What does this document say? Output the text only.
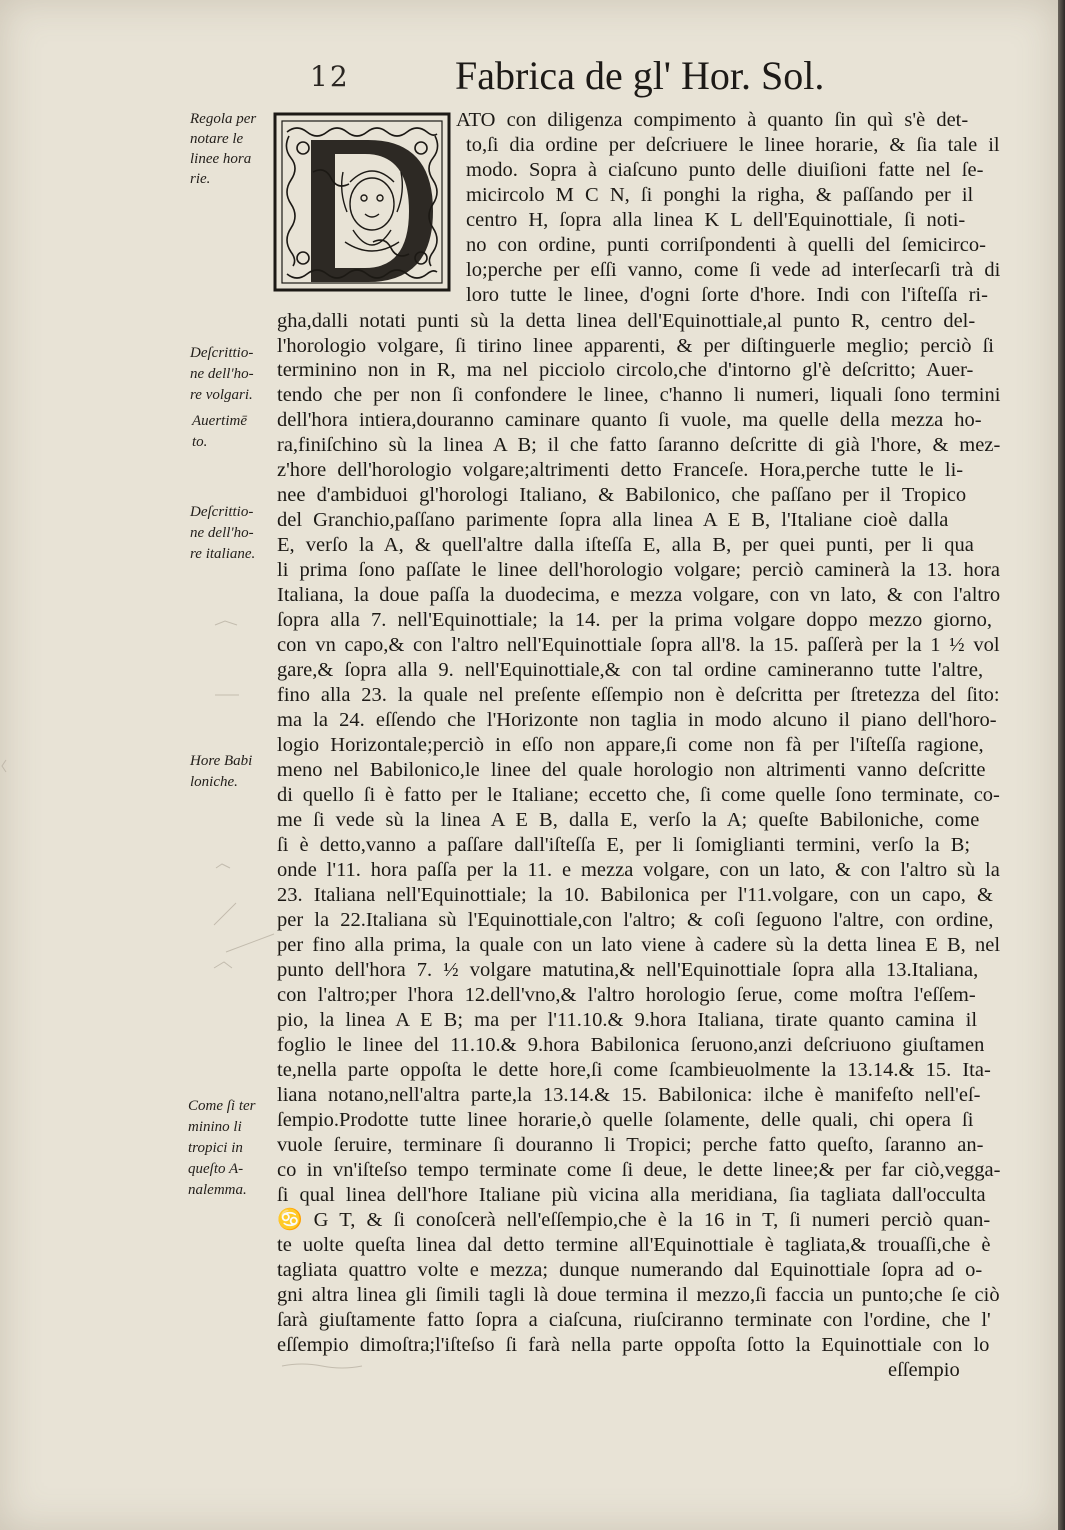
12	Fabrica de gl' Hor. Sol.
D
ATO con diligenza compimento à quanto ſin quì s'è det-
to,ſi dia ordine per deſcriuere le linee horarie, & ſia tale il
modo. Sopra à ciaſcuno punto delle diuiſioni fatte nel ſe-
micircolo M C N, ſi ponghi la righa, & paſſando per il
centro H, ſopra alla linea K L dell'Equinottiale, ſi noti-
no con ordine, punti corriſpondenti à quelli del ſemicirco-
lo;perche per eſſi vanno, come ſi vede ad interſecarſi trà di
loro tutte le linee, d'ogni ſorte d'hore. Indi con l'iſteſſa ri-
gha,dalli notati punti sù la detta linea dell'Equinottiale,al punto R, centro del-
l'horologio volgare, ſi tirino linee apparenti, & per diſtinguerle meglio; perciò ſi
terminino non in R, ma nel picciolo circolo,che d'intorno gl'è deſcritto; Auer-
tendo che per non ſi confondere le linee, c'hanno li numeri, liquali ſono termini
dell'hora intiera,douranno caminare quanto ſi vuole, ma quelle della mezza ho-
ra,finiſchino sù la linea A B; il che fatto ſaranno deſcritte di già l'hore, & mez-
z'hore dell'horologio volgare;altrimenti detto Franceſe. Hora,perche tutte le li-
nee d'ambiduoi gl'horologi Italiano, & Babilonico, che paſſano per il Tropico
del Granchio,paſſano parimente ſopra alla linea A E B, l'Italiane cioè dalla
E, verſo la A, & quell'altre dalla iſteſſa E, alla B, per quei punti, per li qua
li prima ſono paſſate le linee dell'horologio volgare; perciò caminerà la 13. hora
Italiana, la doue paſſa la duodecima, e mezza volgare, con vn lato, & con l'altro
ſopra alla 7. nell'Equinottiale; la 14. per la prima volgare doppo mezzo giorno,
con vn capo,& con l'altro nell'Equinottiale ſopra all'8. la 15. paſſerà per la 1 ½ vol
gare,& ſopra alla 9. nell'Equinottiale,& con tal ordine camineranno tutte l'altre,
fino alla 23. la quale nel preſente eſſempio non è deſcritta per ſtretezza del ſito:
ma la 24. eſſendo che l'Horizonte non taglia in modo alcuno il piano dell'horo-
logio Horizontale;perciò in eſſo non appare,ſi come non fà per l'iſteſſa ragione,
meno nel Babilonico,le linee del quale horologio non altrimenti vanno deſcritte
di quello ſi è fatto per le Italiane; eccetto che, ſi come quelle ſono terminate, co-
me ſi vede sù la linea A E B, dalla E, verſo la A; queſte Babiloniche, come
ſi è detto,vanno a paſſare dall'iſteſſa E, per li ſomiglianti termini, verſo la B;
onde l'11. hora paſſa per la 11. e mezza volgare, con un lato, & con l'altro sù la
23. Italiana nell'Equinottiale; la 10. Babilonica per l'11.volgare, con un capo, &
per la 22.Italiana sù l'Equinottiale,con l'altro; & coſi ſeguono l'altre, con ordine,
per fino alla prima, la quale con un lato viene à cadere sù la detta linea E B, nel
punto dell'hora 7. ½ volgare matutina,& nell'Equinottiale ſopra alla 13.Italiana,
con l'altro;per l'hora 12.dell'vno,& l'altro horologio ſerue, come moſtra l'eſſem-
pio, la linea A E B; ma per l'11.10.& 9.hora Italiana, tirate quanto camina il
foglio le linee del 11.10.& 9.hora Babilonica ſeruono,anzi deſcriuono giuſtamen
te,nella parte oppoſta le dette hore,ſi come ſcambieuolmente la 13.14.& 15. Ita-
liana notano,nell'altra parte,la 13.14.& 15. Babilonica: ilche è manifeſto nell'eſ-
ſempio.Prodotte tutte linee horarie,ò quelle ſolamente, delle quali, chi opera ſi
vuole ſeruire, terminare ſi douranno li Tropici; perche fatto queſto, ſaranno an-
co in vn'iſteſso tempo terminate come ſi deue, le dette linee;& per far ciò,vegga-
ſi qual linea dell'hore Italiane più vicina alla meridiana, ſia tagliata dall'occulta
♋ G T, & ſi conoſcerà nell'eſſempio,che è la 16 in T, ſi numeri perciò quan-
te uolte queſta linea dal detto termine all'Equinottiale è tagliata,& trouaſſi,che è
tagliata quattro volte e mezza; dunque numerando dal Equinottiale ſopra ad o-
gni altra linea gli ſimili tagli là doue termina il mezzo,ſi faccia un punto;che ſe ciò
ſarà giuſtamente fatto ſopra a ciaſcuna, riuſciranno terminate con l'ordine, che l'
eſſempio dimoſtra;l'iſteſso ſi farà nella parte oppoſta ſotto la Equinottiale con lo
eſſempio
Regola per
notare le
linee hora
rie.
Deſcrittio-
ne dell'ho-
re volgari.
Auertimē
to.
Deſcrittio-
ne dell'ho-
re italiane.
Hore Babi
loniche.
Come ſi ter
minino li
tropici in
queſto A-
nalemma.
